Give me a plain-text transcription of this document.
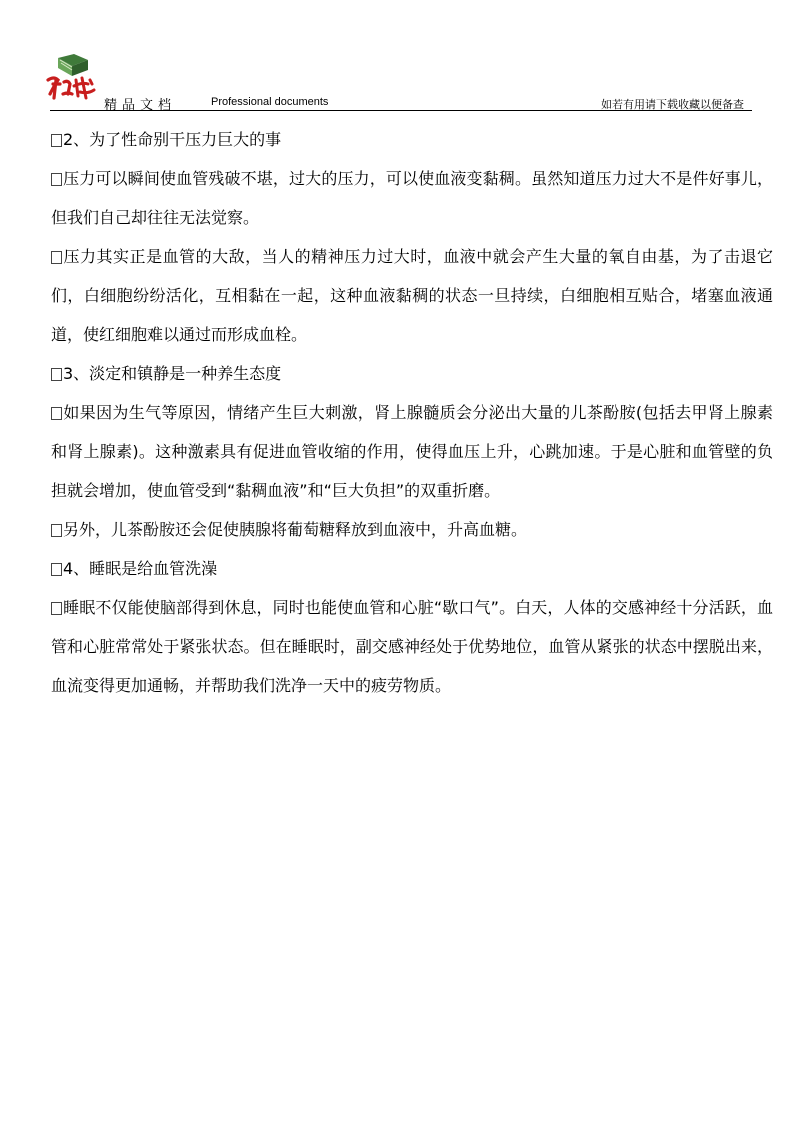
精品文档	Professional documents	如若有用请下载收藏以便备查

2、为了性命别干压力巨大的事

压力可以瞬间使血管残破不堪，过大的压力，可以使血液变黏稠。虽然知道压力过大不是件好事儿，但我们自己却往往无法觉察。

压力其实正是血管的大敌，当人的精神压力过大时，血液中就会产生大量的氧自由基，为了击退它们，白细胞纷纷活化，互相黏在一起，这种血液黏稠的状态一旦持续，白细胞相互贴合，堵塞血液通道，使红细胞难以通过而形成血栓。

3、淡定和镇静是一种养生态度

如果因为生气等原因，情绪产生巨大刺激，肾上腺髓质会分泌出大量的儿茶酚胺(包括去甲肾上腺素和肾上腺素)。这种激素具有促进血管收缩的作用，使得血压上升，心跳加速。于是心脏和血管壁的负担就会增加，使血管受到“黏稠血液”和“巨大负担”的双重折磨。

另外，儿茶酚胺还会促使胰腺将葡萄糖释放到血液中，升高血糖。

4、睡眠是给血管洗澡

睡眠不仅能使脑部得到休息，同时也能使血管和心脏“歇口气”。白天，人体的交感神经十分活跃，血管和心脏常常处于紧张状态。但在睡眠时，副交感神经处于优势地位，血管从紧张的状态中摆脱出来，血流变得更加通畅，并帮助我们洗净一天中的疲劳物质。
